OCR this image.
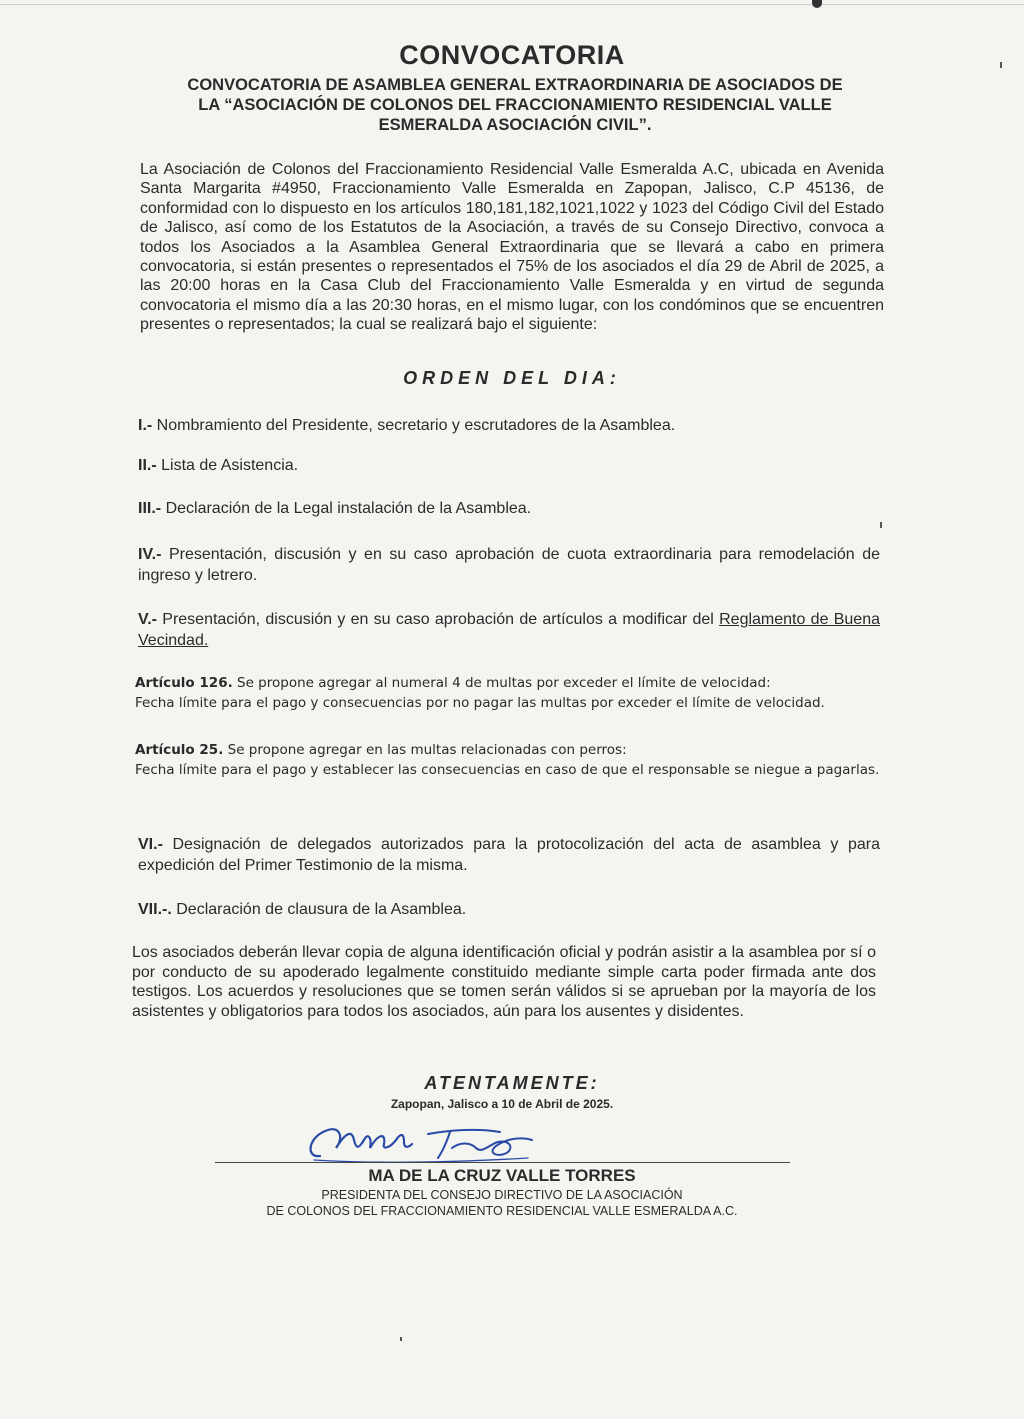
CONVOCATORIA
CONVOCATORIA DE ASAMBLEA GENERAL EXTRAORDINARIA DE ASOCIADOS DE
LA “ASOCIACIÓN DE COLONOS DEL FRACCIONAMIENTO RESIDENCIAL VALLE
ESMERALDA ASOCIACIÓN CIVIL”.
La Asociación de Colonos del Fraccionamiento Residencial Valle Esmeralda A.C, ubicada en Avenida Santa Margarita #4950, Fraccionamiento Valle Esmeralda en Zapopan, Jalisco, C.P 45136, de conformidad con lo dispuesto en los artículos 180,181,182,1021,1022 y 1023 del Código Civil del Estado de Jalisco, así como de los Estatutos de la Asociación, a través de su Consejo Directivo, convoca a todos los Asociados a la Asamblea General Extraordinaria que se llevará a cabo en primera convocatoria, si están presentes o representados el 75% de los asociados el día 29 de Abril de 2025, a las 20:00 horas en la Casa Club del Fraccionamiento Valle Esmeralda y en virtud de segunda convocatoria el mismo día a las 20:30 horas, en el mismo lugar, con los condóminos que se encuentren presentes o representados; la cual se realizará bajo el siguiente:
ORDEN DEL DIA:
I.- Nombramiento del Presidente, secretario y escrutadores de la Asamblea.
II.- Lista de Asistencia.
III.- Declaración de la Legal instalación de la Asamblea.
IV.- Presentación, discusión y en su caso aprobación de cuota extraordinaria para remodelación de ingreso y letrero.
V.- Presentación, discusión y en su caso aprobación de artículos a modificar del Reglamento de Buena Vecindad.
Artículo 126. Se propone agregar al numeral 4 de multas por exceder el límite de velocidad:
Fecha límite para el pago y consecuencias por no pagar las multas por exceder el límite de velocidad.
Artículo 25. Se propone agregar en las multas relacionadas con perros:
Fecha límite para el pago y establecer las consecuencias en caso de que el responsable se niegue a pagarlas.
VI.- Designación de delegados autorizados para la protocolización del acta de asamblea y para expedición del Primer Testimonio de la misma.
VII.-. Declaración de clausura de la Asamblea.
Los asociados deberán llevar copia de alguna identificación oficial y podrán asistir a la asamblea por sí o por conducto de su apoderado legalmente constituido mediante simple carta poder firmada ante dos testigos. Los acuerdos y resoluciones que se tomen serán válidos si se aprueban por la mayoría de los asistentes y obligatorios para todos los asociados, aún para los ausentes y disidentes.
ATENTAMENTE:
Zapopan, Jalisco a 10 de Abril de 2025.
MA DE LA CRUZ VALLE TORRES
PRESIDENTA DEL CONSEJO DIRECTIVO DE LA ASOCIACIÓN
DE COLONOS DEL FRACCIONAMIENTO RESIDENCIAL VALLE ESMERALDA A.C.
